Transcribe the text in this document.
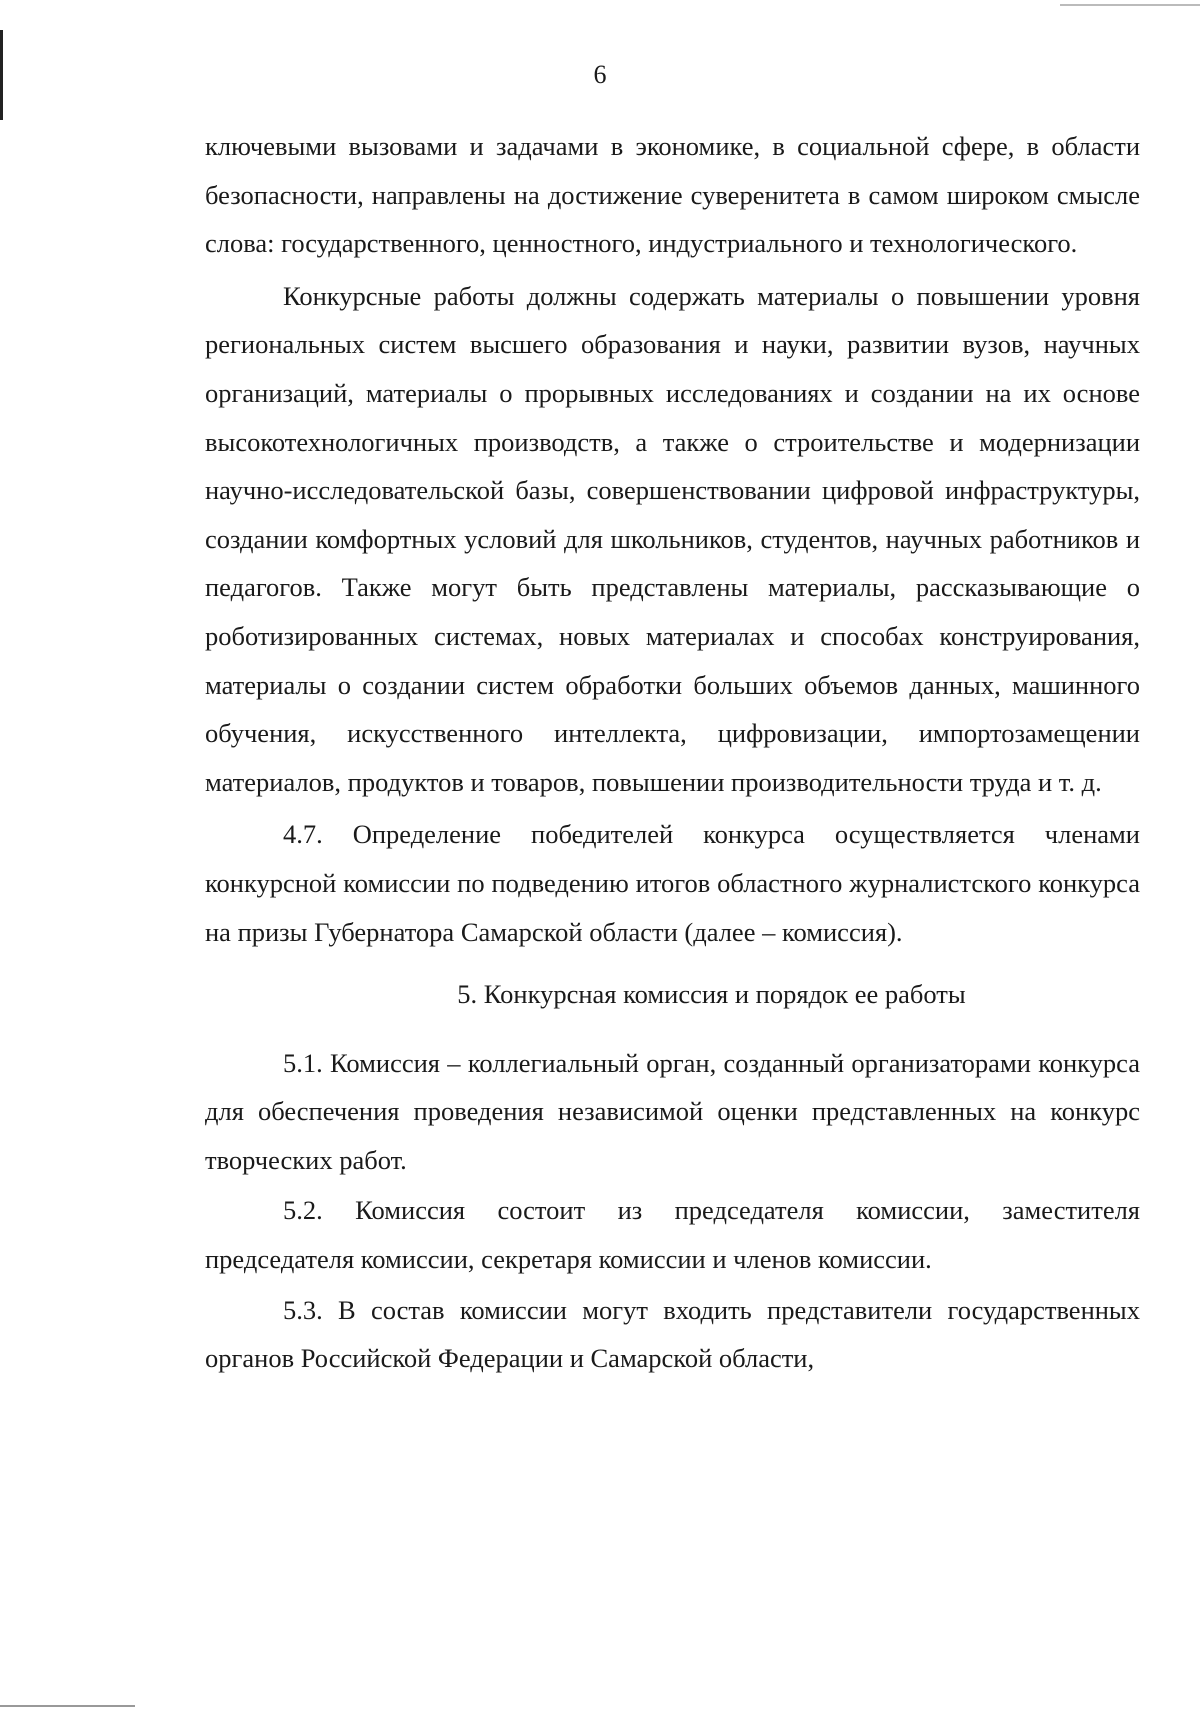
6

ключевыми вызовами и задачами в экономике, в социальной сфере, в области безопасности, направлены на достижение суверенитета в самом широком смысле слова: государственного, ценностного, индустриального и технологического.

Конкурсные работы должны содержать материалы о повышении уровня региональных систем высшего образования и науки, развитии вузов, научных организаций, материалы о прорывных исследованиях и создании на их основе высокотехнологичных производств, а также о строительстве и модернизации научно-исследовательской базы, совершенствовании цифровой инфраструктуры, создании комфортных условий для школьников, студентов, научных работников и педагогов. Также могут быть представлены материалы, рассказывающие о роботизированных системах, новых материалах и способах конструирования, материалы о создании систем обработки больших объемов данных, машинного обучения, искусственного интеллекта, цифровизации, импортозамещении материалов, продуктов и товаров, повышении производительности труда и т. д.

4.7. Определение победителей конкурса осуществляется членами конкурсной комиссии по подведению итогов областного журналистского конкурса на призы Губернатора Самарской области (далее – комиссия).

5. Конкурсная комиссия и порядок ее работы

5.1. Комиссия – коллегиальный орган, созданный организаторами конкурса для обеспечения проведения независимой оценки представленных на конкурс творческих работ.

5.2. Комиссия состоит из председателя комиссии, заместителя председателя комиссии, секретаря комиссии и членов комиссии.

5.3. В состав комиссии могут входить представители государственных органов Российской Федерации и Самарской области,
